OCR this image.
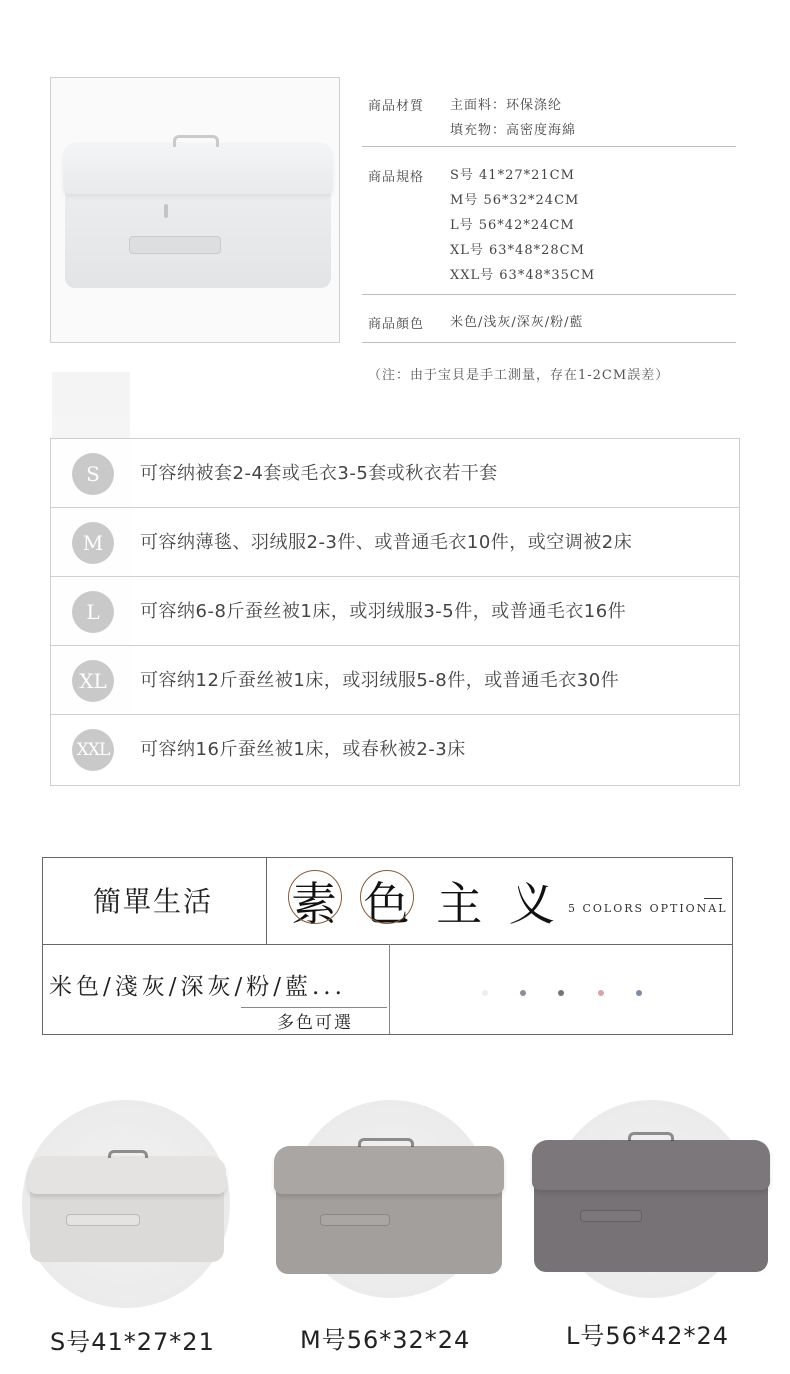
商品材質 主面料：环保涤纶
填充物：高密度海綿
商品規格 S号 41*27*21CM
M号 56*32*24CM
L号 56*42*24CM
XL号 63*48*28CM
XXL号 63*48*35CM
商品顏色 米色/浅灰/深灰/粉/藍
（注：由于宝貝是手工測量，存在1-2CM誤差）
S	可容纳被套2-4套或毛衣3-5套或秋衣若干套
M	可容纳薄毯、羽绒服2-3件、或普通毛衣10件，或空调被2床
L	可容纳6-8斤蚕丝被1床，或羽绒服3-5件，或普通毛衣16件
XL	可容纳12斤蚕丝被1床，或羽绒服5-8件，或普通毛衣30件
XXL 可容纳16斤蚕丝被1床，或春秋被2-3床
簡單生活 素 色 主 义 5 COLORS OPTIONAL
米色/淺灰/深灰/粉/藍...
多色可選
S号41*27*21	M号56*32*24	L号56*42*24
